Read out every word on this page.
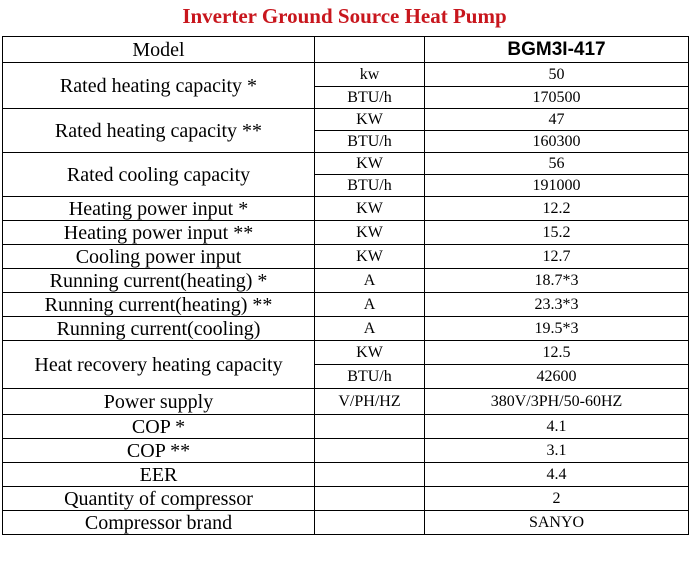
Inverter Ground Source Heat Pump
Model		BGM3I-417
Rated heating capacity *	kw	50
	BTU/h	170500
Rated heating capacity **	KW	47
	BTU/h	160300
Rated cooling capacity	KW	56
	BTU/h	191000
Heating power input *	KW	12.2
Heating power input **	KW	15.2
Cooling power input	KW	12.7
Running current(heating) *	A	18.7*3
Running current(heating) **	A	23.3*3
Running current(cooling)	A	19.5*3
Heat recovery heating capacity	KW	12.5
	BTU/h	42600
Power supply	V/PH/HZ	380V/3PH/50-60HZ
COP *		4.1
COP **		3.1
EER		4.4
Quantity of compressor		2
Compressor brand		SANYO
